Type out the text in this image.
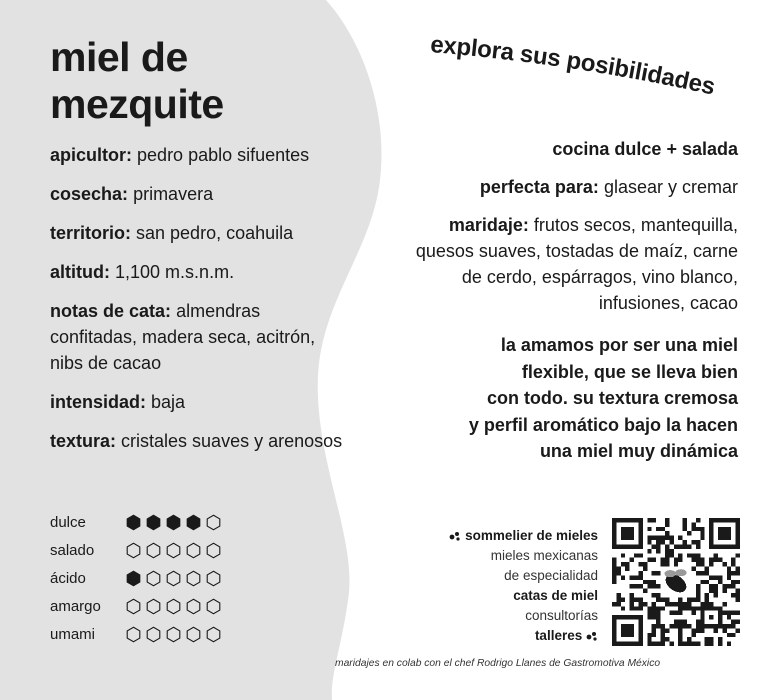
miel de mezquite

apicultor: pedro pablo sifuentes

cosecha: primavera

territorio: san pedro, coahuila

altitud: 1,100 m.s.n.m.

notas de cata: almendras confitadas, madera seca, acitrón, nibs de cacao

intensidad: baja

textura: cristales suaves y arenosos

dulce
salado
ácido
amargo
umami
explora sus posibilidades

cocina dulce + salada

perfecta para: glasear y cremar

maridaje: frutos secos, mantequilla, quesos suaves, tostadas de maíz, carne de cerdo, espárragos, vino blanco, infusiones, cacao

la amamos por ser una miel
flexible, que se lleva bien
con todo. su textura cremosa
y perfil aromático bajo la hacen
una miel muy dinámica
sommelier de mieles
mieles mexicanas
de especialidad
catas de miel
consultorías
talleres
maridajes en colab con el chef Rodrigo Llanes de Gastromotiva México
